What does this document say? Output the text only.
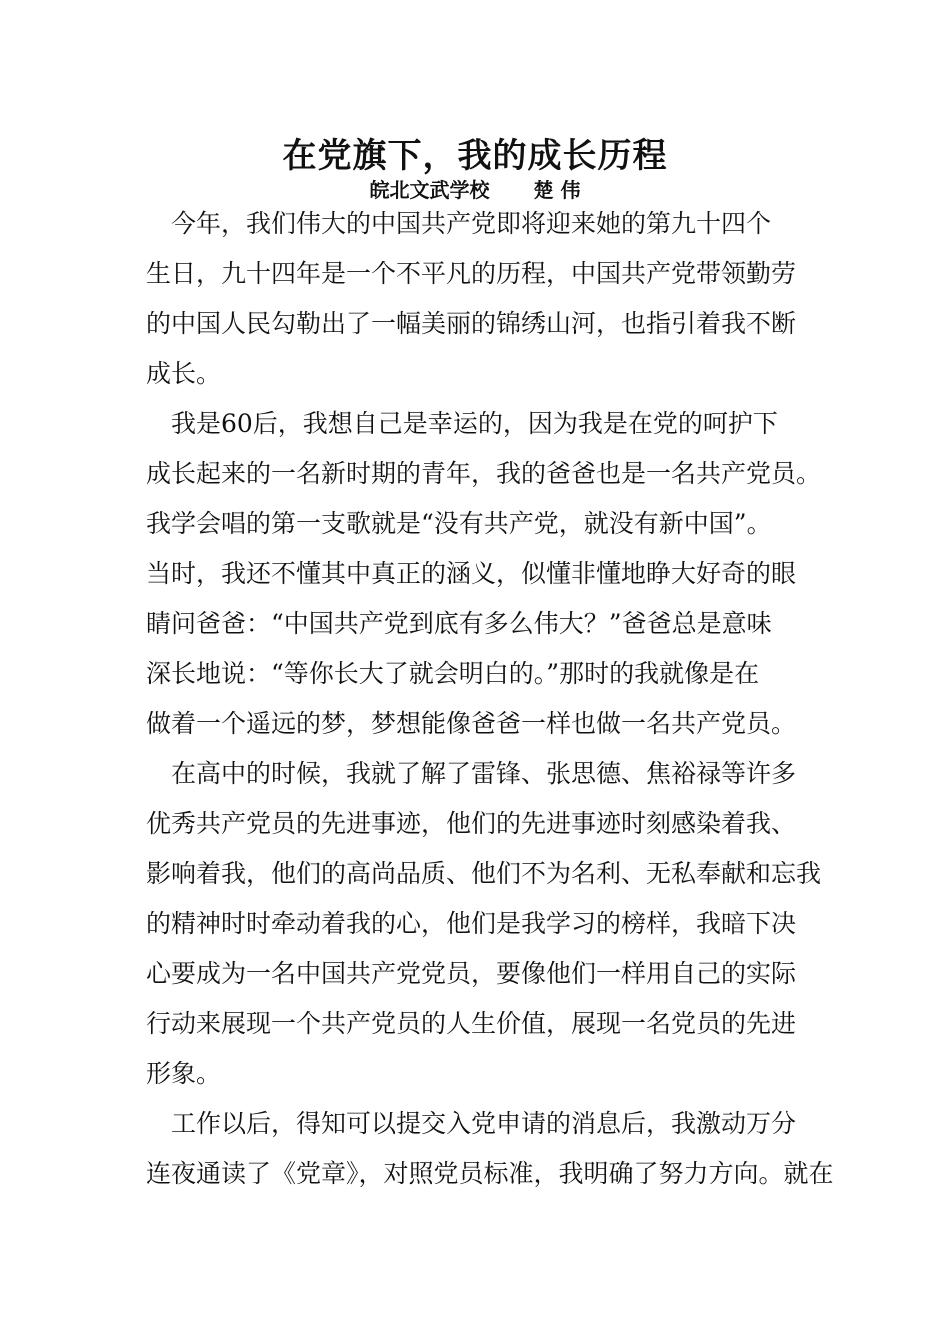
在党旗下，我的成长历程
皖北文武学校 楚 伟
　今年，我们伟大的中国共产党即将迎来她的第九十四个
生日，九十四年是一个不平凡的历程，中国共产党带领勤劳
的中国人民勾勒出了一幅美丽的锦绣山河，也指引着我不断
成长。
　我是60后，我想自己是幸运的，因为我是在党的呵护下
成长起来的一名新时期的青年，我的爸爸也是一名共产党员。
我学会唱的第一支歌就是“没有共产党，就没有新中国”。
当时，我还不懂其中真正的涵义，似懂非懂地睁大好奇的眼
睛问爸爸：“中国共产党到底有多么伟大？”爸爸总是意味
深长地说：“等你长大了就会明白的。”那时的我就像是在
做着一个遥远的梦，梦想能像爸爸一样也做一名共产党员。
　在高中的时候，我就了解了雷锋、张思德、焦裕禄等许多
优秀共产党员的先进事迹，他们的先进事迹时刻感染着我、
影响着我，他们的高尚品质、他们不为名利、无私奉献和忘我
的精神时时牵动着我的心，他们是我学习的榜样，我暗下决
心要成为一名中国共产党党员，要像他们一样用自己的实际
行动来展现一个共产党员的人生价值，展现一名党员的先进
形象。
　工作以后，得知可以提交入党申请的消息后，我激动万分
连夜通读了《党章》，对照党员标准，我明确了努力方向。就在
